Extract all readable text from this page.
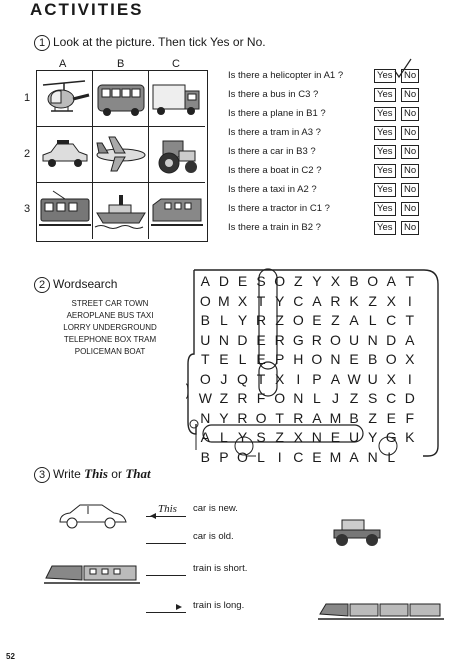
ACTIVITIES
1 Look at the picture. Then tick Yes or No.
A	B	C
1
2
3
Is there a helicopter in A1 ?	Yes	No
Is there a bus in C3 ?	Yes	No
Is there a plane in B1 ?	Yes	No
Is there a tram in A3 ?	Yes	No
Is there a car in B3 ?	Yes	No
Is there a boat in C2 ?	Yes	No
Is there a taxi in A2 ?	Yes	No
Is there a tractor in C1 ?	Yes	No
Is there a train in B2 ?	Yes	No
2 Wordsearch
STREET CAR TOWN
AEROPLANE BUS TAXI
LORRY UNDERGROUND
TELEPHONE BOX TRAM
POLICEMAN BOAT
A D E S O Z Y X B O A T
O M X T Y C A R K Z X I
B L Y R Z O E Z A L C T
U N D E R G R O U N D A
T E L E P H O N E B O X
O J Q T X I P A W U X I
W Z R F O N L J Z S C D
N Y R O T R A M B Z E F
A L Y S Z X N E U Y G K
B P O L I C E M A N L
3 Write This or That
This car is new.
car is old.
train is short.
train is long.
52
